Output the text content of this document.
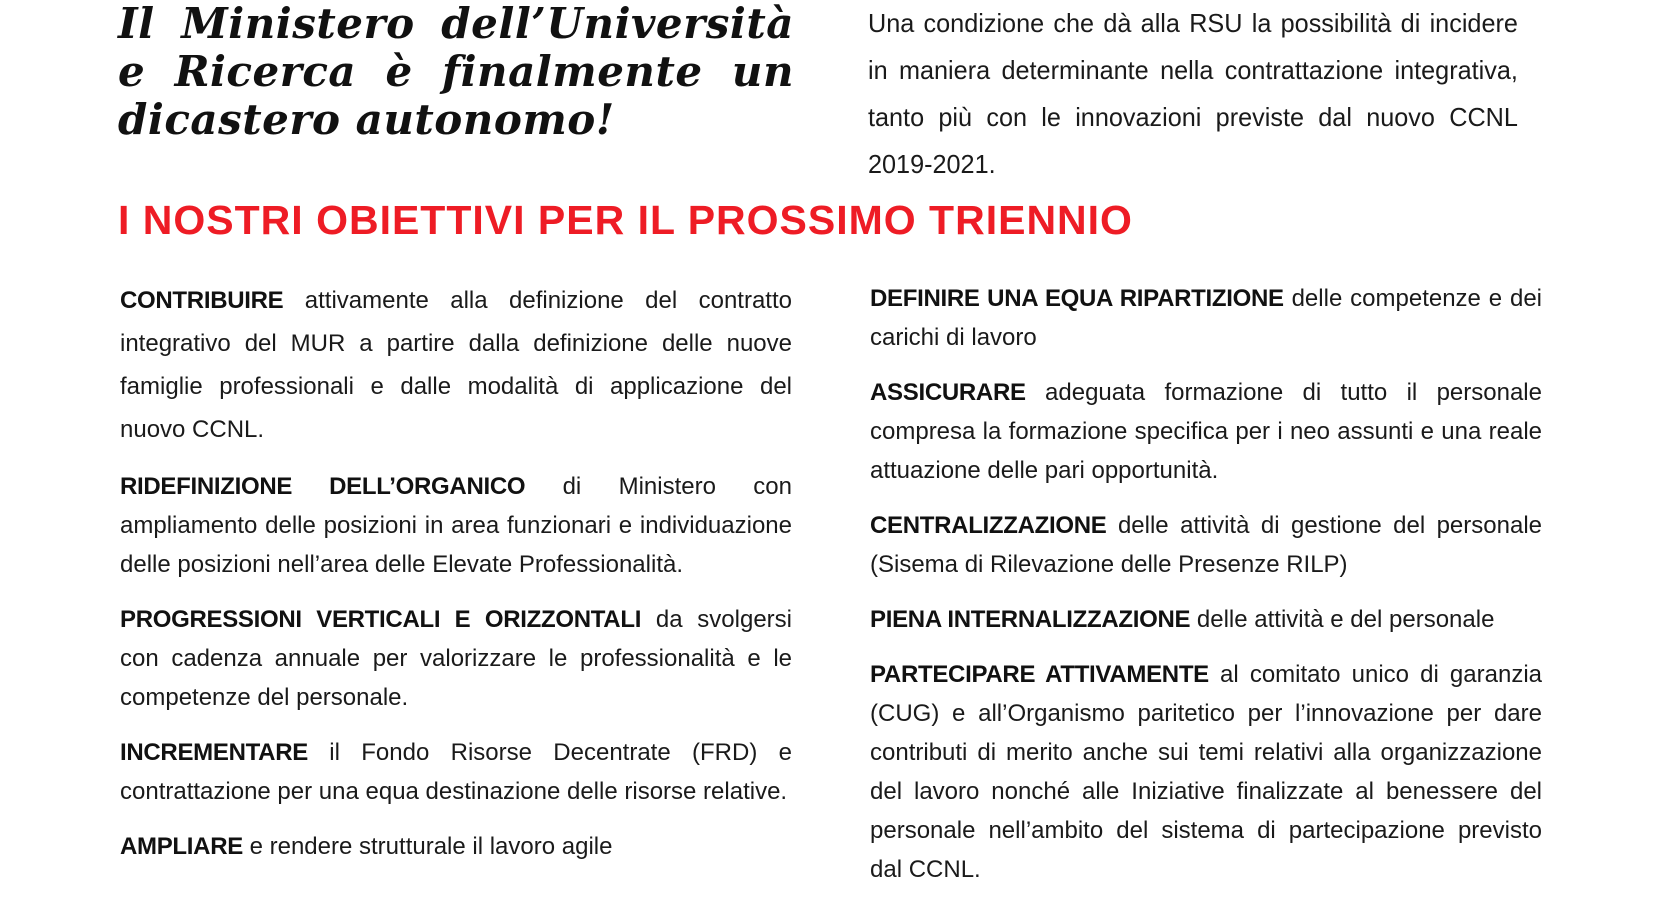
Il Ministero dell’Università e Ricerca è finalmente un dicastero autonomo!

Una condizione che dà alla RSU la possibilità di incidere in maniera determinante nella contrattazione integrativa, tanto più con le innovazioni previste dal nuovo CCNL 2019-2021.

I NOSTRI OBIETTIVI PER IL PROSSIMO TRIENNIO

CONTRIBUIRE attivamente alla definizione del contratto integrativo del MUR a partire dalla definizione delle nuove famiglie professionali e dalle modalità di applicazione del nuovo CCNL.

RIDEFINIZIONE DELL’ORGANICO di Ministero con ampliamento delle posizioni in area funzionari e individuazione delle posizioni nell’area delle Elevate Professionalità.

PROGRESSIONI VERTICALI E ORIZZONTALI da svolgersi con cadenza annuale per valorizzare le professionalità e le competenze del personale.

INCREMENTARE il Fondo Risorse Decentrate (FRD) e contrattazione per una equa destinazione delle risorse relative.

AMPLIARE e rendere strutturale il lavoro agile

DEFINIRE UNA EQUA RIPARTIZIONE delle competenze e dei carichi di lavoro

ASSICURARE adeguata formazione di tutto il personale compresa la formazione specifica per i neo assunti e una reale attuazione delle pari opportunità.

CENTRALIZZAZIONE delle attività di gestione del personale (Sisema di Rilevazione delle Presenze RILP)

PIENA INTERNALIZZAZIONE delle attività e del personale

PARTECIPARE ATTIVAMENTE al comitato unico di garanzia (CUG) e all’Organismo paritetico per l’innovazione per dare contributi di merito anche sui temi relativi alla organizzazione del lavoro nonché alle Iniziative finalizzate al benessere del personale nell’ambito del sistema di partecipazione previsto dal CCNL.
